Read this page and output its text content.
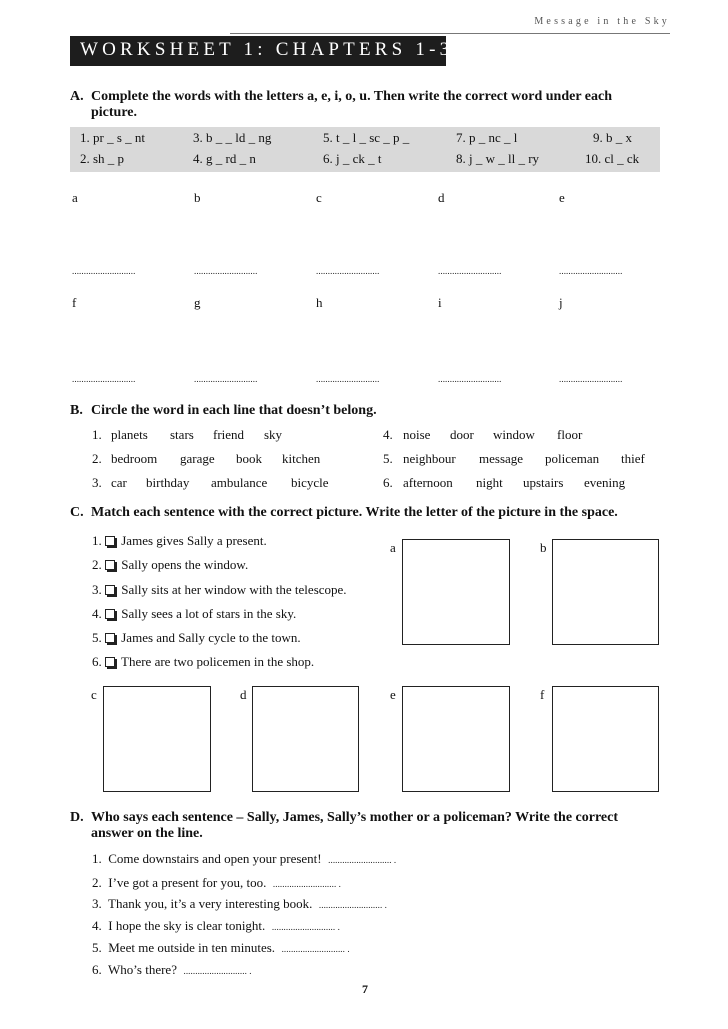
Message in the Sky
WORKSHEET 1: CHAPTERS 1-3
A. Complete the words with the letters a, e, i, o, u. Then write the correct word under each picture.
1. pr _ s _ nt	3. b _ _ ld _ ng	5. t _ l _ sc _ p _	7. p _ nc _ l	9. b _ x
2. sh _ p	4. g _ rd _ n	6. j _ ck _ t	8. j _ w _ ll _ ry	10. cl _ ck
a	b	c	d	e
...........................	...........................	...........................	...........................	...........................
f	g	h	i	j
...........................	...........................	...........................	...........................	...........................
B. Circle the word in each line that doesn’t belong.
1. planets stars friend sky	4. noise door window floor
2. bedroom garage book kitchen	5. neighbour message policeman thief
3. car birthday ambulance bicycle	6. afternoon night upstairs evening
C. Match each sentence with the correct picture. Write the letter of the picture in the space.
1. James gives Sally a present.
2. Sally opens the window.
3. Sally sits at her window with the telescope.
4. Sally sees a lot of stars in the sky.
5. James and Sally cycle to the town.
6. There are two policemen in the shop.
a	b
c	d	e	f
D. Who says each sentence – Sally, James, Sally’s mother or a policeman? Write the correct answer on the line.
1. Come downstairs and open your present! ........................... .
2. I’ve got a present for you, too. ........................... .
3. Thank you, it’s a very interesting book. ........................... .
4. I hope the sky is clear tonight. ........................... .
5. Meet me outside in ten minutes. ........................... .
6. Who’s there? ........................... .
7
